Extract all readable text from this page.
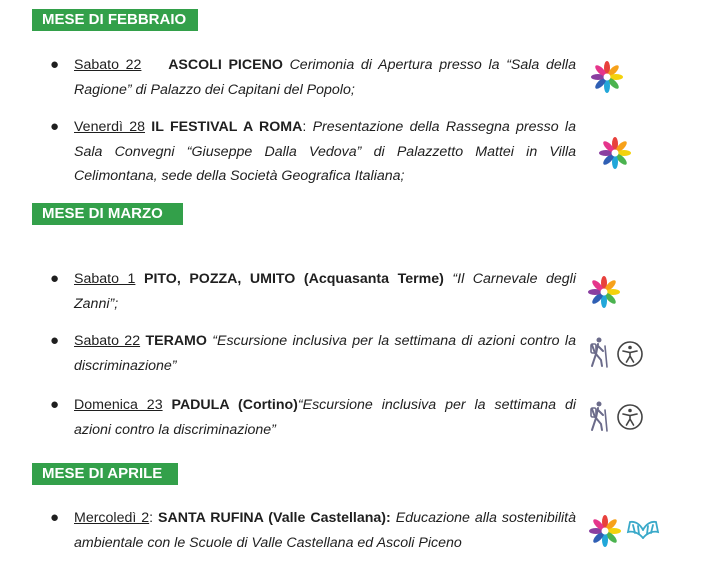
MESE DI FEBBRAIO
● Sabato 22 ASCOLI PICENO Cerimonia di Apertura presso la “Sala della Ragione” di Palazzo dei Capitani del Popolo;
● Venerdì 28 IL FESTIVAL A ROMA: Presentazione della Rassegna presso la Sala Convegni “Giuseppe Dalla Vedova” di Palazzetto Mattei in Villa Celimontana, sede della Società Geografica Italiana;
MESE DI MARZO
● Sabato 1 PITO, POZZA, UMITO (Acquasanta Terme) “Il Carnevale degli Zanni”;
● Sabato 22 TERAMO “Escursione inclusiva per la settimana di azioni contro la discriminazione”
● Domenica 23 PADULA (Cortino)“Escursione inclusiva per la settimana di azioni contro la discriminazione”
MESE DI APRILE
● Mercoledì 2: SANTA RUFINA (Valle Castellana): Educazione alla sostenibilità ambientale con le Scuole di Valle Castellana ed Ascoli Piceno
